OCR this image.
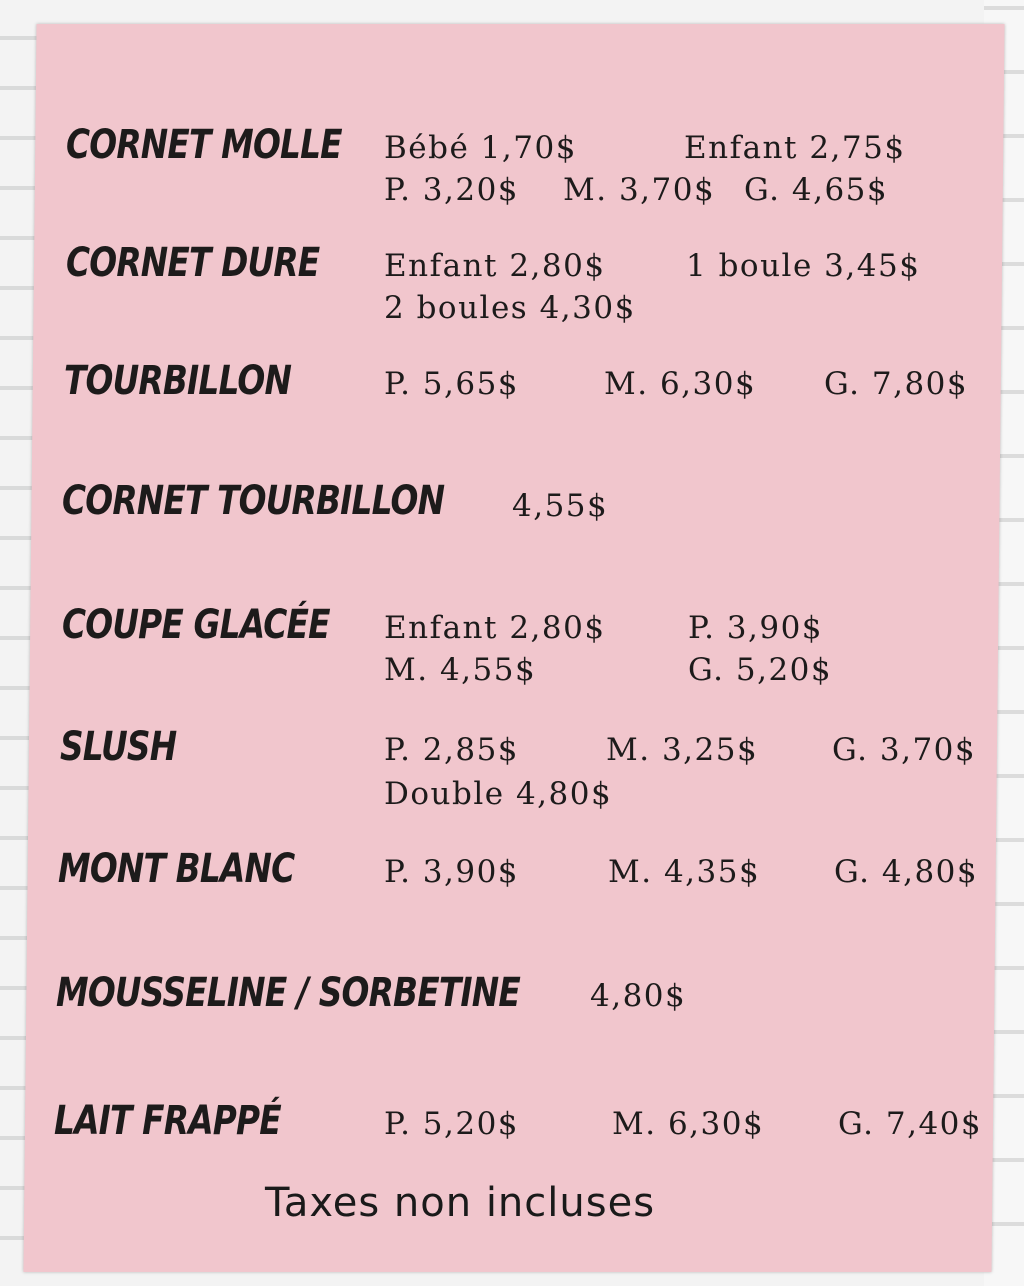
CORNET MOLLE Bébé 1,70$	Enfant 2,75$
P. 3,20$ M. 3,70$ G. 4,65$
CORNET DURE Enfant 2,80$	1 boule 3,45$
2 boules 4,30$
TOURBILLON	P. 5,65$	M. 6,30$ G. 7,80$
CORNET TOURBILLON 4,55$
COUPE GLACÉE Enfant 2,80$	P. 3,90$
M. 4,55$	G. 5,20$
SLUSH	P. 2,85$	M. 3,25$ G. 3,70$
Double 4,80$
MONT BLANC	P. 3,90$	M. 4,35$ G. 4,80$
MOUSSELINE / SORBETINE 4,80$
LAIT FRAPPÉ	P. 5,20$	M. 6,30$ G. 7,40$
Taxes non incluses
